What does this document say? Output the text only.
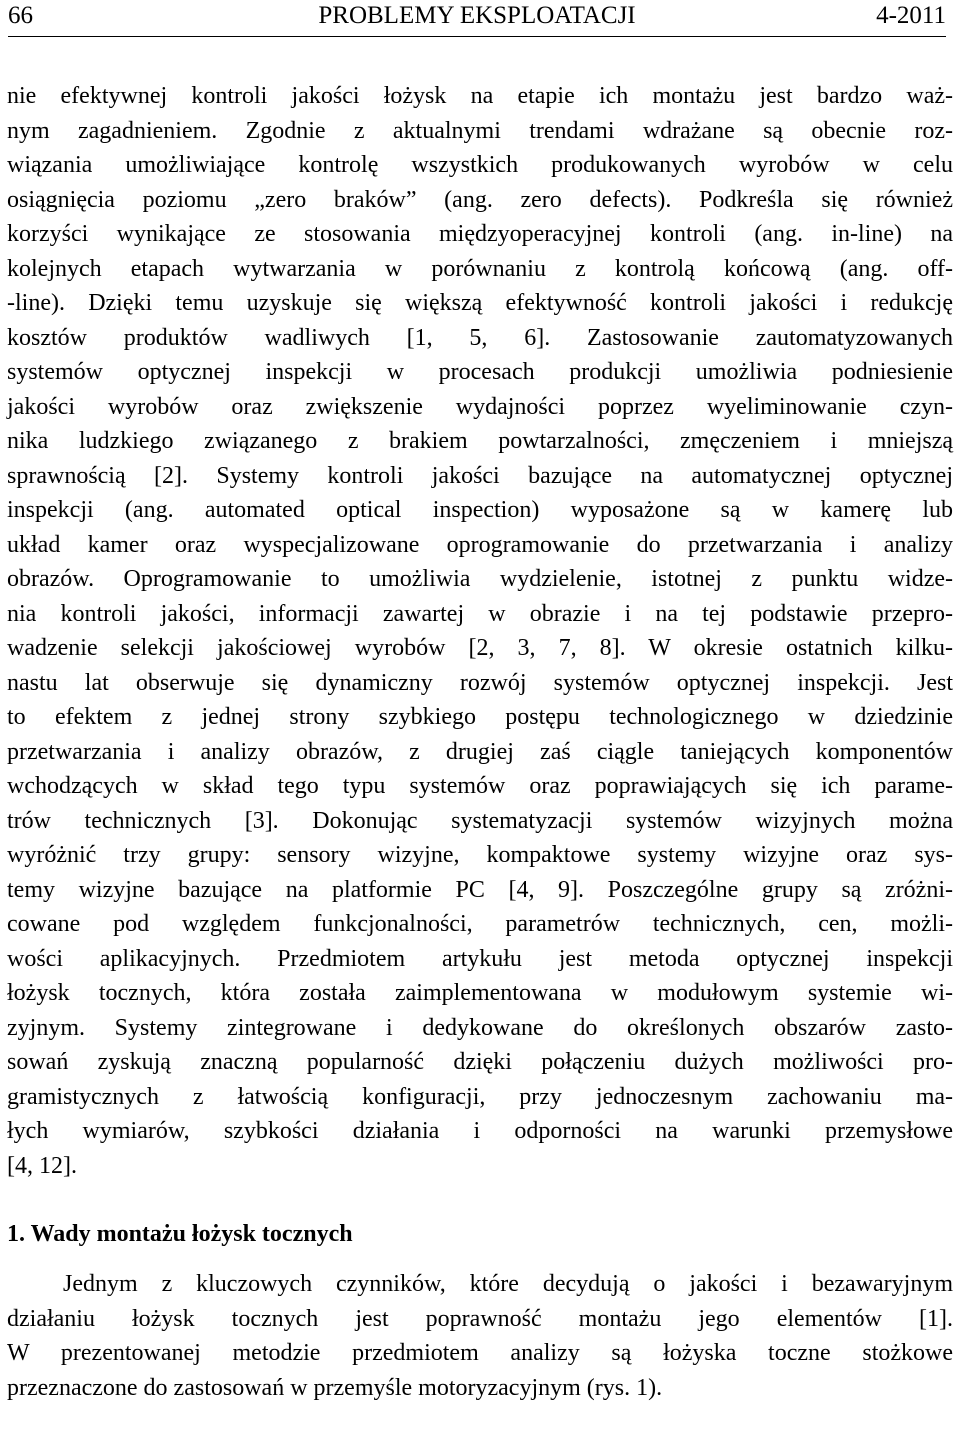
66	PROBLEMY EKSPLOATACJI	4-2011
nie efektywnej kontroli jakości łożysk na etapie ich montażu jest bardzo waż-
nym zagadnieniem. Zgodnie z aktualnymi trendami wdrażane są obecnie roz-
wiązania umożliwiające kontrolę wszystkich produkowanych wyrobów w celu
osiągnięcia poziomu „zero braków” (ang. zero defects). Podkreśla się również
korzyści wynikające ze stosowania międzyoperacyjnej kontroli (ang. in-line) na
kolejnych etapach wytwarzania w porównaniu z kontrolą końcową (ang. off-
-line). Dzięki temu uzyskuje się większą efektywność kontroli jakości i redukcję
kosztów produktów wadliwych [1, 5, 6]. Zastosowanie zautomatyzowanych
systemów optycznej inspekcji w procesach produkcji umożliwia podniesienie
jakości wyrobów oraz zwiększenie wydajności poprzez wyeliminowanie czyn-
nika ludzkiego związanego z brakiem powtarzalności, zmęczeniem i mniejszą
sprawnością [2]. Systemy kontroli jakości bazujące na automatycznej optycznej
inspekcji (ang. automated optical inspection) wyposażone są w kamerę lub
układ kamer oraz wyspecjalizowane oprogramowanie do przetwarzania i analizy
obrazów. Oprogramowanie to umożliwia wydzielenie, istotnej z punktu widze-
nia kontroli jakości, informacji zawartej w obrazie i na tej podstawie przepro-
wadzenie selekcji jakościowej wyrobów [2, 3, 7, 8]. W okresie ostatnich kilku-
nastu lat obserwuje się dynamiczny rozwój systemów optycznej inspekcji. Jest
to efektem z jednej strony szybkiego postępu technologicznego w dziedzinie
przetwarzania i analizy obrazów, z drugiej zaś ciągle taniejących komponentów
wchodzących w skład tego typu systemów oraz poprawiających się ich parame-
trów technicznych [3]. Dokonując systematyzacji systemów wizyjnych można
wyróżnić trzy grupy: sensory wizyjne, kompaktowe systemy wizyjne oraz sys-
temy wizyjne bazujące na platformie PC [4, 9]. Poszczególne grupy są zróżni-
cowane pod względem funkcjonalności, parametrów technicznych, cen, możli-
wości aplikacyjnych. Przedmiotem artykułu jest metoda optycznej inspekcji
łożysk tocznych, która została zaimplementowana w modułowym systemie wi-
zyjnym. Systemy zintegrowane i dedykowane do określonych obszarów zasto-
sowań zyskują znaczną popularność dzięki połączeniu dużych możliwości pro-
gramistycznych z łatwością konfiguracji, przy jednoczesnym zachowaniu ma-
łych wymiarów, szybkości działania i odporności na warunki przemysłowe
[4, 12].
1. Wady montażu łożysk tocznych
Jednym z kluczowych czynników, które decydują o jakości i bezawaryjnym
działaniu łożysk tocznych jest poprawność montażu jego elementów [1].
W prezentowanej metodzie przedmiotem analizy są łożyska toczne stożkowe
przeznaczone do zastosowań w przemyśle motoryzacyjnym (rys. 1).
